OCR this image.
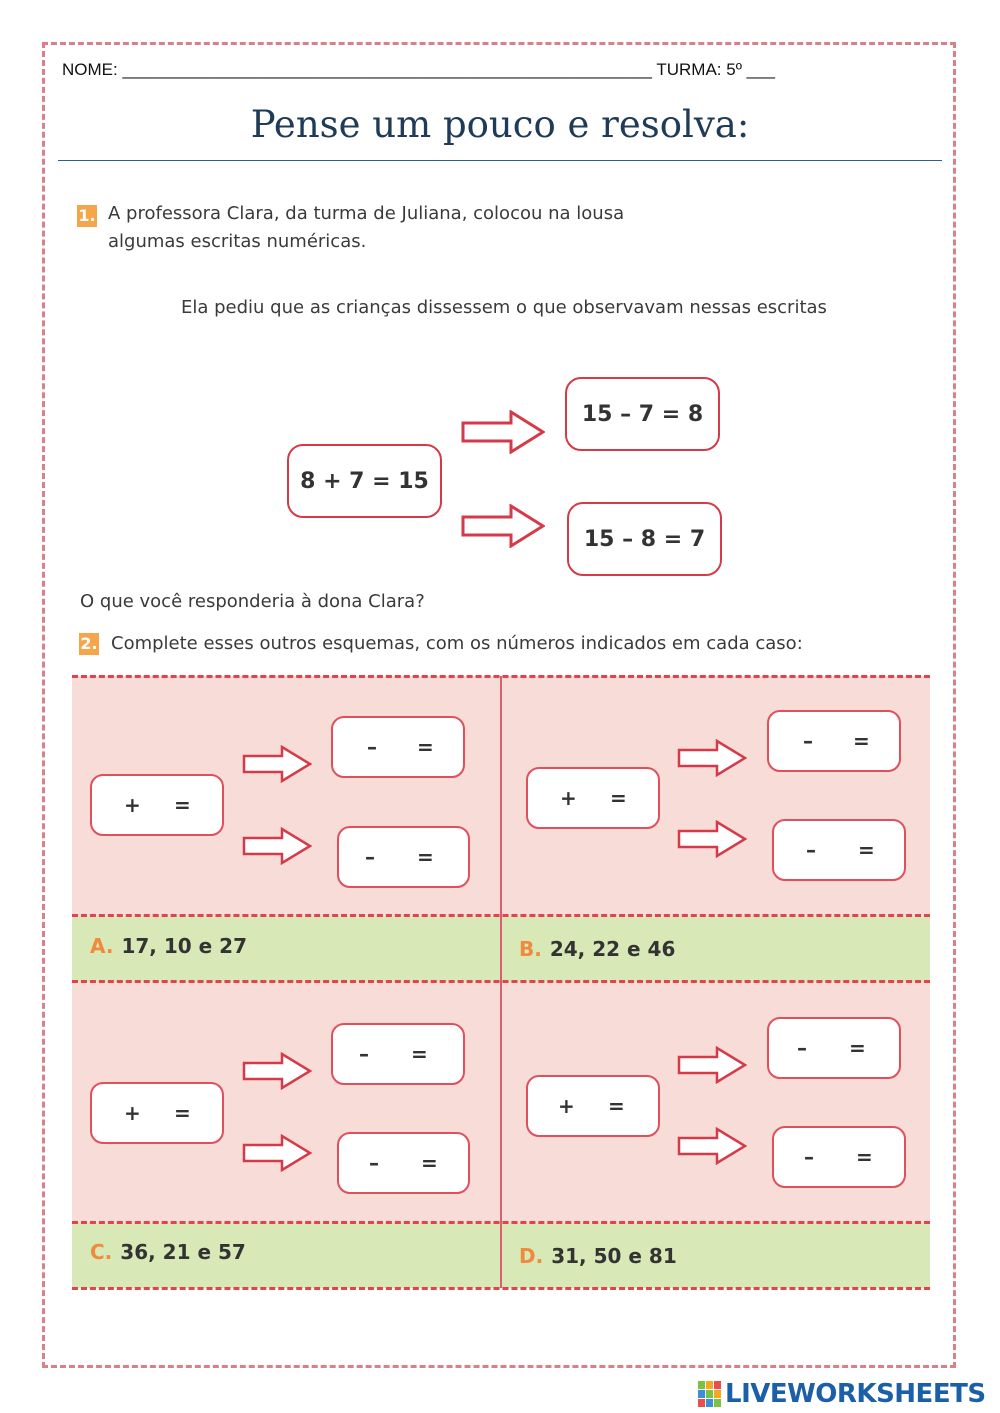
NOME: ________________________________________________________ TURMA: 5º ___
Pense um pouco e resolva:
1. A professora Clara, da turma de Juliana, colocou na lousa
algumas escritas numéricas.
Ela pediu que as crianças dissessem o que observavam nessas escritas
8 + 7 = 15
15 – 7 = 8
15 – 8 = 7
O que você responderia à dona Clara?
2. Complete esses outros esquemas, com os números indicados em cada caso:
+ =
– =
– =
+ =
– =
– =
A. 17, 10 e 27	B. 24, 22 e 46
+ =
– =
– =
+ =
– =
– =
C. 36, 21 e 57	D. 31, 50 e 81
LIVEWORKSHEETS
